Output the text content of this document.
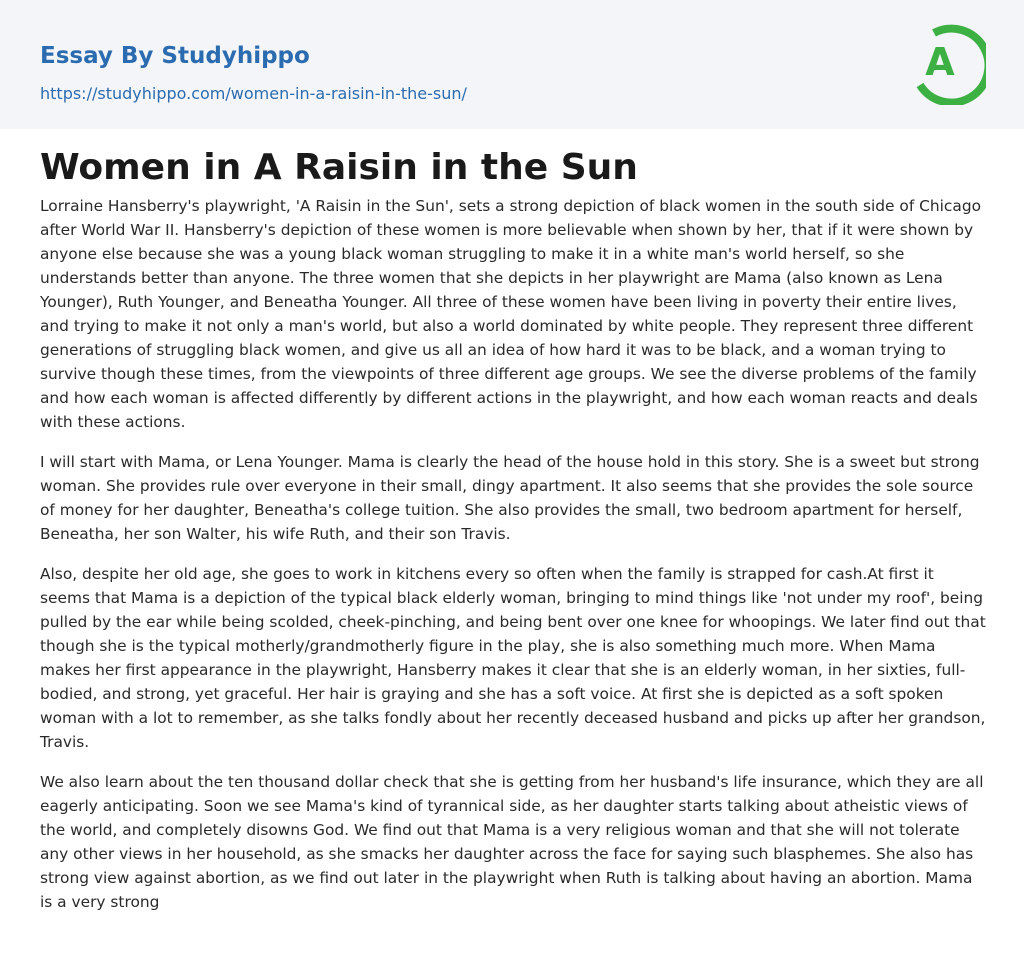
Essay By Studyhippo
https://studyhippo.com/women-in-a-raisin-in-the-sun/
A
Women in A Raisin in the Sun

Lorraine Hansberry's playwright, 'A Raisin in the Sun', sets a strong depiction of black women in the south side of Chicago after World War II. Hansberry's depiction of these women is more believable when shown by her, that if it were shown by anyone else because she was a young black woman struggling to make it in a white man's world herself, so she understands better than anyone. The three women that she depicts in her playwright are Mama (also known as Lena Younger), Ruth Younger, and Beneatha Younger. All three of these women have been living in poverty their entire lives, and trying to make it not only a man's world, but also a world dominated by white people. They represent three different generations of struggling black women, and give us all an idea of how hard it was to be black, and a woman trying to survive though these times, from the viewpoints of three different age groups. We see the diverse problems of the family and how each woman is affected differently by different actions in the playwright, and how each woman reacts and deals with these actions.

I will start with Mama, or Lena Younger. Mama is clearly the head of the house hold in this story. She is a sweet but strong woman. She provides rule over everyone in their small, dingy apartment. It also seems that she provides the sole source of money for her daughter, Beneatha's college tuition. She also provides the small, two bedroom apartment for herself, Beneatha, her son Walter, his wife Ruth, and their son Travis.

Also, despite her old age, she goes to work in kitchens every so often when the family is strapped for cash.At first it seems that Mama is a depiction of the typical black elderly woman, bringing to mind things like 'not under my roof', being pulled by the ear while being scolded, cheek-pinching, and being bent over one knee for whoopings. We later find out that though she is the typical motherly/grandmotherly figure in the play, she is also something much more. When Mama makes her first appearance in the playwright, Hansberry makes it clear that she is an elderly woman, in her sixties, full-bodied, and strong, yet graceful. Her hair is graying and she has a soft voice. At first she is depicted as a soft spoken woman with a lot to remember, as she talks fondly about her recently deceased husband and picks up after her grandson, Travis.

We also learn about the ten thousand dollar check that she is getting from her husband's life insurance, which they are all eagerly anticipating. Soon we see Mama's kind of tyrannical side, as her daughter starts talking about atheistic views of the world, and completely disowns God. We find out that Mama is a very religious woman and that she will not tolerate any other views in her household, as she smacks her daughter across the face for saying such blasphemes. She also has strong view against abortion, as we find out later in the playwright when Ruth is talking about having an abortion. Mama is a very strong
